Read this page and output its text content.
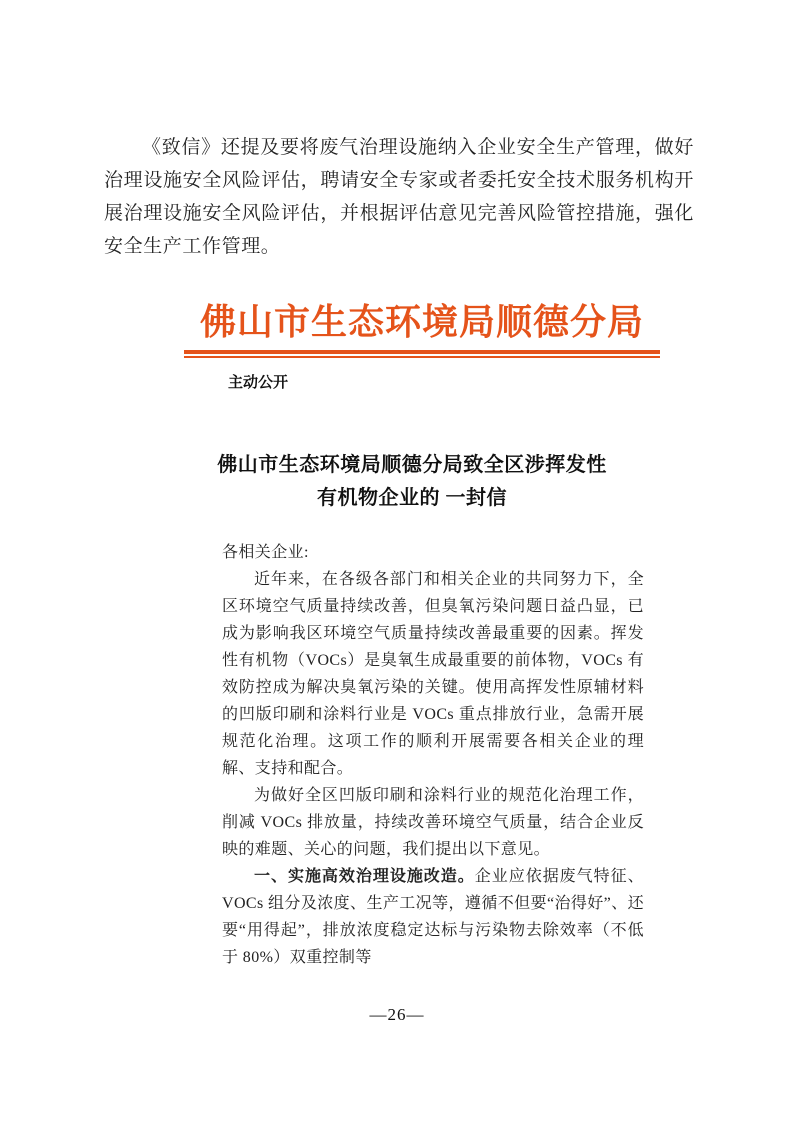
《致信》还提及要将废气治理设施纳入企业安全生产管理，做好治理设施安全风险评估，聘请安全专家或者委托安全技术服务机构开展治理设施安全风险评估，并根据评估意见完善风险管控措施，强化安全生产工作管理。

佛山市生态环境局顺德分局
主动公开
佛山市生态环境局顺德分局致全区涉挥发性
有机物企业的 一封信

各相关企业:

近年来，在各级各部门和相关企业的共同努力下，全区环境空气质量持续改善，但臭氧污染问题日益凸显，已成为影响我区环境空气质量持续改善最重要的因素。挥发性有机物（VOCs）是臭氧生成最重要的前体物，VOCs 有效防控成为解决臭氧污染的关键。使用高挥发性原辅材料的凹版印刷和涂料行业是 VOCs 重点排放行业，急需开展规范化治理。这项工作的顺利开展需要各相关企业的理解、支持和配合。

为做好全区凹版印刷和涂料行业的规范化治理工作，削减 VOCs 排放量，持续改善环境空气质量，结合企业反映的难题、关心的问题，我们提出以下意见。

一、实施高效治理设施改造。企业应依据废气特征、VOCs 组分及浓度、生产工况等，遵循不但要“治得好”、还要“用得起”，排放浓度稳定达标与污染物去除效率（不低于 80%）双重控制等

—26—
